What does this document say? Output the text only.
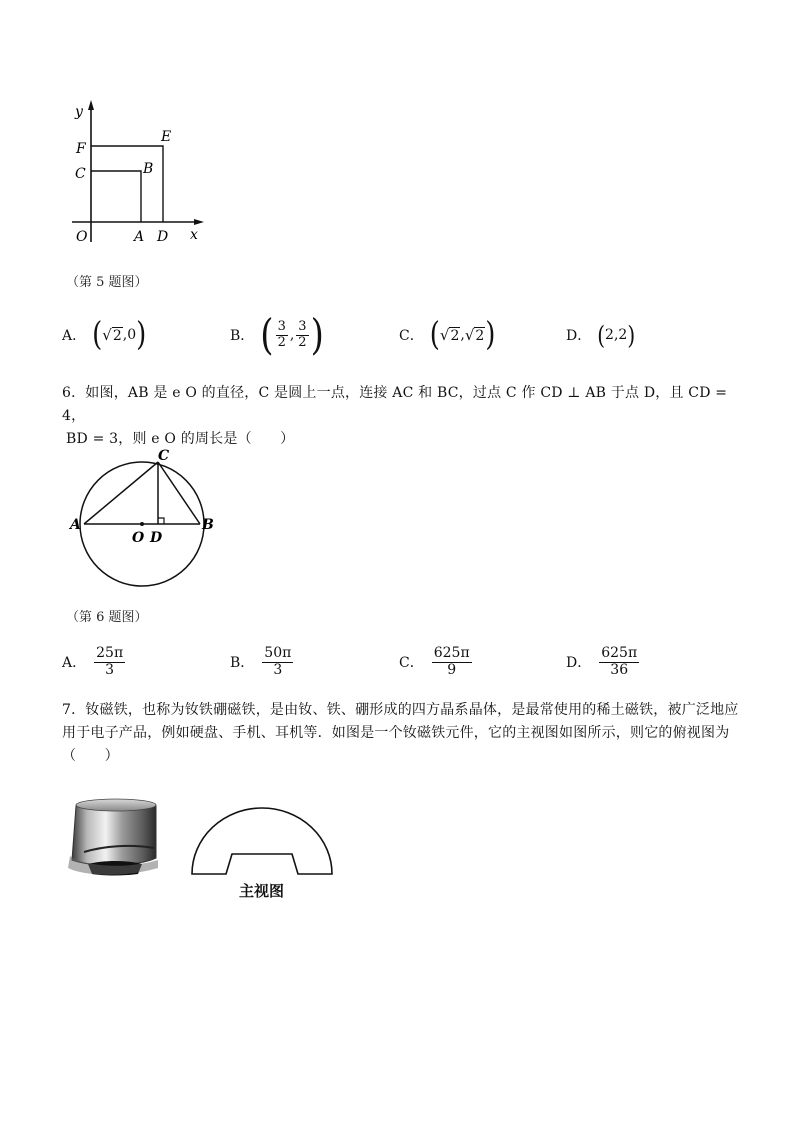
y
F
C
E
B
O	A D x
（第 5 题图）
A． ( √ 2 ,0 )	B． ( $\frac{3}{2}$ , $\frac{3}{2}$ )	C． ( √ 2 , √ 2 )	D． ( 2,2 )
6．如图，AB 是 e O 的直径，C 是圆上一点，连接 AC 和 BC，过点 C 作 CD ⊥ AB 于点 D，且 CD = 4，
BD = 3，则 e O 的周长是（　　）
C
A	B
O D
（第 6 题图）
A． $\frac{25\pi}{3}$	B． $\frac{50\pi}{3}$	C． $\frac{625\pi}{9}$	D． $\frac{625\pi}{36}$
7．钕磁铁，也称为钕铁硼磁铁，是由钕、铁、硼形成的四方晶系晶体，是最常使用的稀土磁铁，被广泛地应
用于电子产品，例如硬盘、手机、耳机等．如图是一个钕磁铁元件，它的主视图如图所示，则它的俯视图为
（　　）
主视图
